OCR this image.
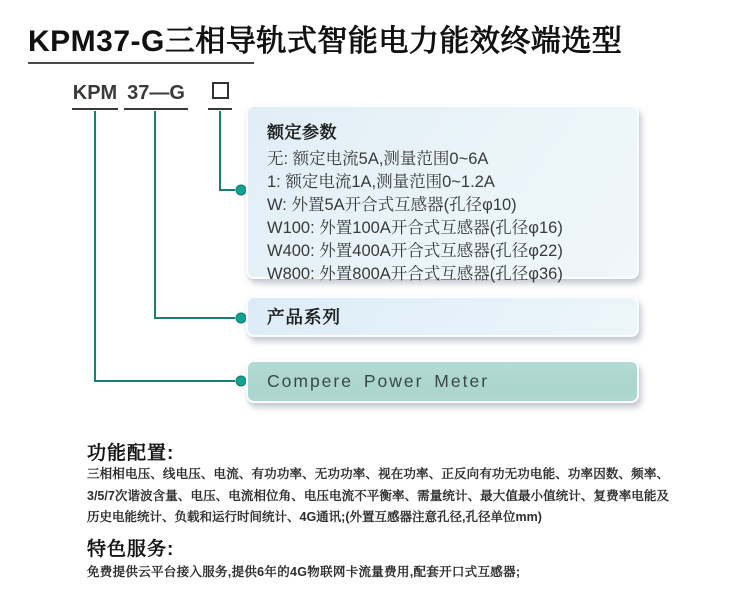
KPM37-G三相导轨式智能电力能效终端选型
KPM 37—G
额定参数
无: 额定电流5A,测量范围0~6A
1: 额定电流1A,测量范围0~1.2A
W: 外置5A开合式互感器(孔径φ10)
W100: 外置100A开合式互感器(孔径φ16)
W400: 外置400A开合式互感器(孔径φ22)
W800: 外置800A开合式互感器(孔径φ36)
产品系列
Compere Power Meter
功能配置:
三相相电压、线电压、电流、有功功率、无功功率、视在功率、正反向有功无功电能、功率因数、频率、3/5/7次谐波含量、电压、电流相位角、电压电流不平衡率、需量统计、最大值最小值统计、复费率电能及历史电能统计、负载和运行时间统计、4G通讯;(外置互感器注意孔径,孔径单位mm)
特色服务:
免费提供云平台接入服务,提供6年的4G物联网卡流量费用,配套开口式互感器;
